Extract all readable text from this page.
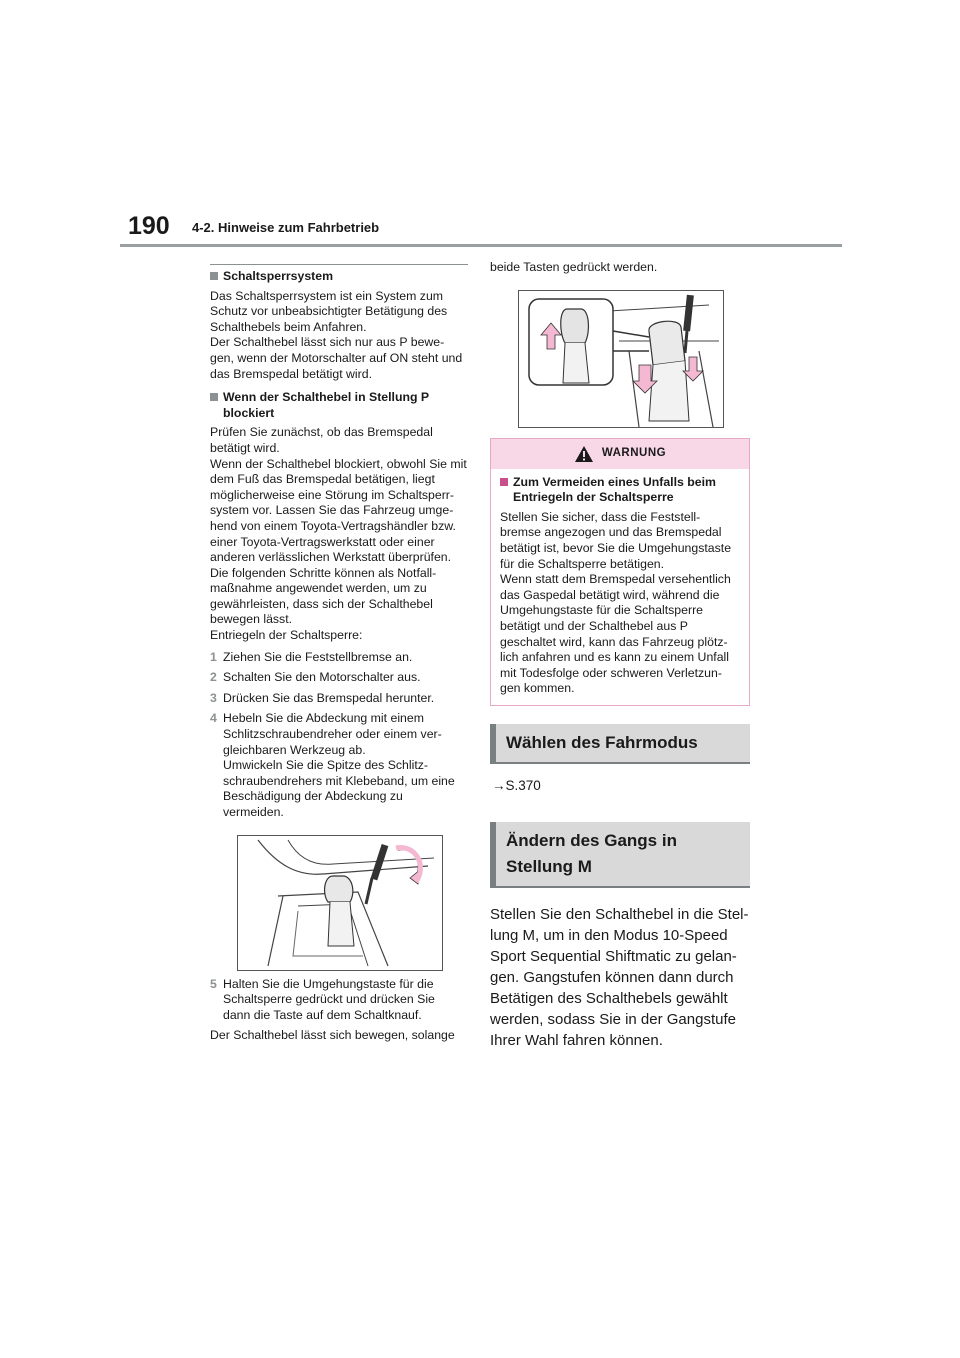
190 4-2. Hinweise zum Fahrbetrieb
Schaltsperrsystem

Das Schaltsperrsystem ist ein System zum Schutz vor unbeabsichtigter Betätigung des Schalthebels beim Anfahren.
Der Schalthebel lässt sich nur aus P bewe-gen, wenn der Motorschalter auf ON steht und das Bremspedal betätigt wird.

Wenn der Schalthebel in Stellung P blockiert

Prüfen Sie zunächst, ob das Bremspedal betätigt wird.
Wenn der Schalthebel blockiert, obwohl Sie mit dem Fuß das Bremspedal betätigen, liegt möglicherweise eine Störung im Schaltsperr-system vor. Lassen Sie das Fahrzeug umge-hend von einem Toyota-Vertragshändler bzw. einer Toyota-Vertragswerkstatt oder einer anderen verlässlichen Werkstatt überprüfen. Die folgenden Schritte können als Notfall-maßnahme angewendet werden, um zu gewährleisten, dass sich der Schalthebel bewegen lässt.
Entriegeln der Schaltsperre:

1 Ziehen Sie die Feststellbremse an.
2 Schalten Sie den Motorschalter aus.
3 Drücken Sie das Bremspedal herunter.
4 Hebeln Sie die Abdeckung mit einem Schlitzschraubendreher oder einem ver-gleichbaren Werkzeug ab.
Umwickeln Sie die Spitze des Schlitz-schraubendrehers mit Klebeband, um eine Beschädigung der Abdeckung zu vermeiden.
5 Halten Sie die Umgehungstaste für die Schaltsperre gedrückt und drücken Sie dann die Taste auf dem Schaltknauf.

Der Schalthebel lässt sich bewegen, solange

beide Tasten gedrückt werden.

WARNUNG
Zum Vermeiden eines Unfalls beim Entriegeln der Schaltsperre

Stellen Sie sicher, dass die Feststell-bremse angezogen und das Bremspedal betätigt ist, bevor Sie die Umgehungstaste für die Schaltsperre betätigen.
Wenn statt dem Bremspedal versehentlich das Gaspedal betätigt wird, während die Umgehungstaste für die Schaltsperre betätigt und der Schalthebel aus P geschaltet wird, kann das Fahrzeug plötz-lich anfahren und es kann zu einem Unfall mit Todesfolge oder schweren Verletzun-gen kommen.

Wählen des Fahrmodus
→S.370
Ändern des Gangs in Stellung M
Stellen Sie den Schalthebel in die Stel-lung M, um in den Modus 10-Speed Sport Sequential Shiftmatic zu gelan-gen. Gangstufen können dann durch Betätigen des Schalthebels gewählt werden, sodass Sie in der Gangstufe Ihrer Wahl fahren können.
